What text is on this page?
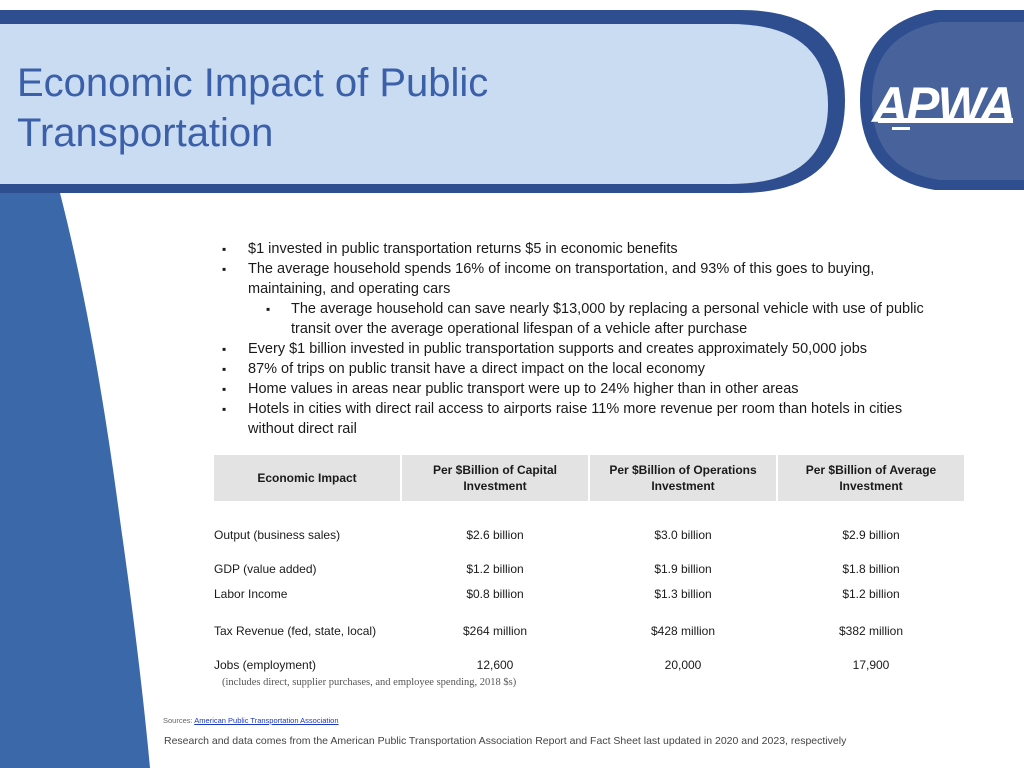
Economic Impact of Public Transportation	APWA
▪ $1 invested in public transportation returns $5 in economic benefits
▪ The average household spends 16% of income on transportation, and 93% of this goes to buying, maintaining, and operating cars
▪ The average household can save nearly $13,000 by replacing a personal vehicle with use of public transit over the average operational lifespan of a vehicle after purchase
▪ Every $1 billion invested in public transportation supports and creates approximately 50,000 jobs
▪ 87% of trips on public transit have a direct impact on the local economy
▪ Home values in areas near public transport were up to 24% higher than in other areas
▪ Hotels in cities with direct rail access to airports raise 11% more revenue per room than hotels in cities without direct rail
Economic Impact	Per $Billion of Capital Investment	Per $Billion of Operations Investment	Per $Billion of Average Investment
Output (business sales)	$2.6 billion	$3.0 billion	$2.9 billion
GDP (value added)	$1.2 billion	$1.9 billion	$1.8 billion
Labor Income	$0.8 billion	$1.3 billion	$1.2 billion
Tax Revenue (fed, state, local)	$264 million	$428 million	$382 million
Jobs (employment)	12,600	20,000	17,900
(includes direct, supplier purchases, and employee spending, 2018 $s)
Sources: American Public Transportation Association
Research and data comes from the American Public Transportation Association Report and Fact Sheet last updated in 2020 and 2023, respectively
